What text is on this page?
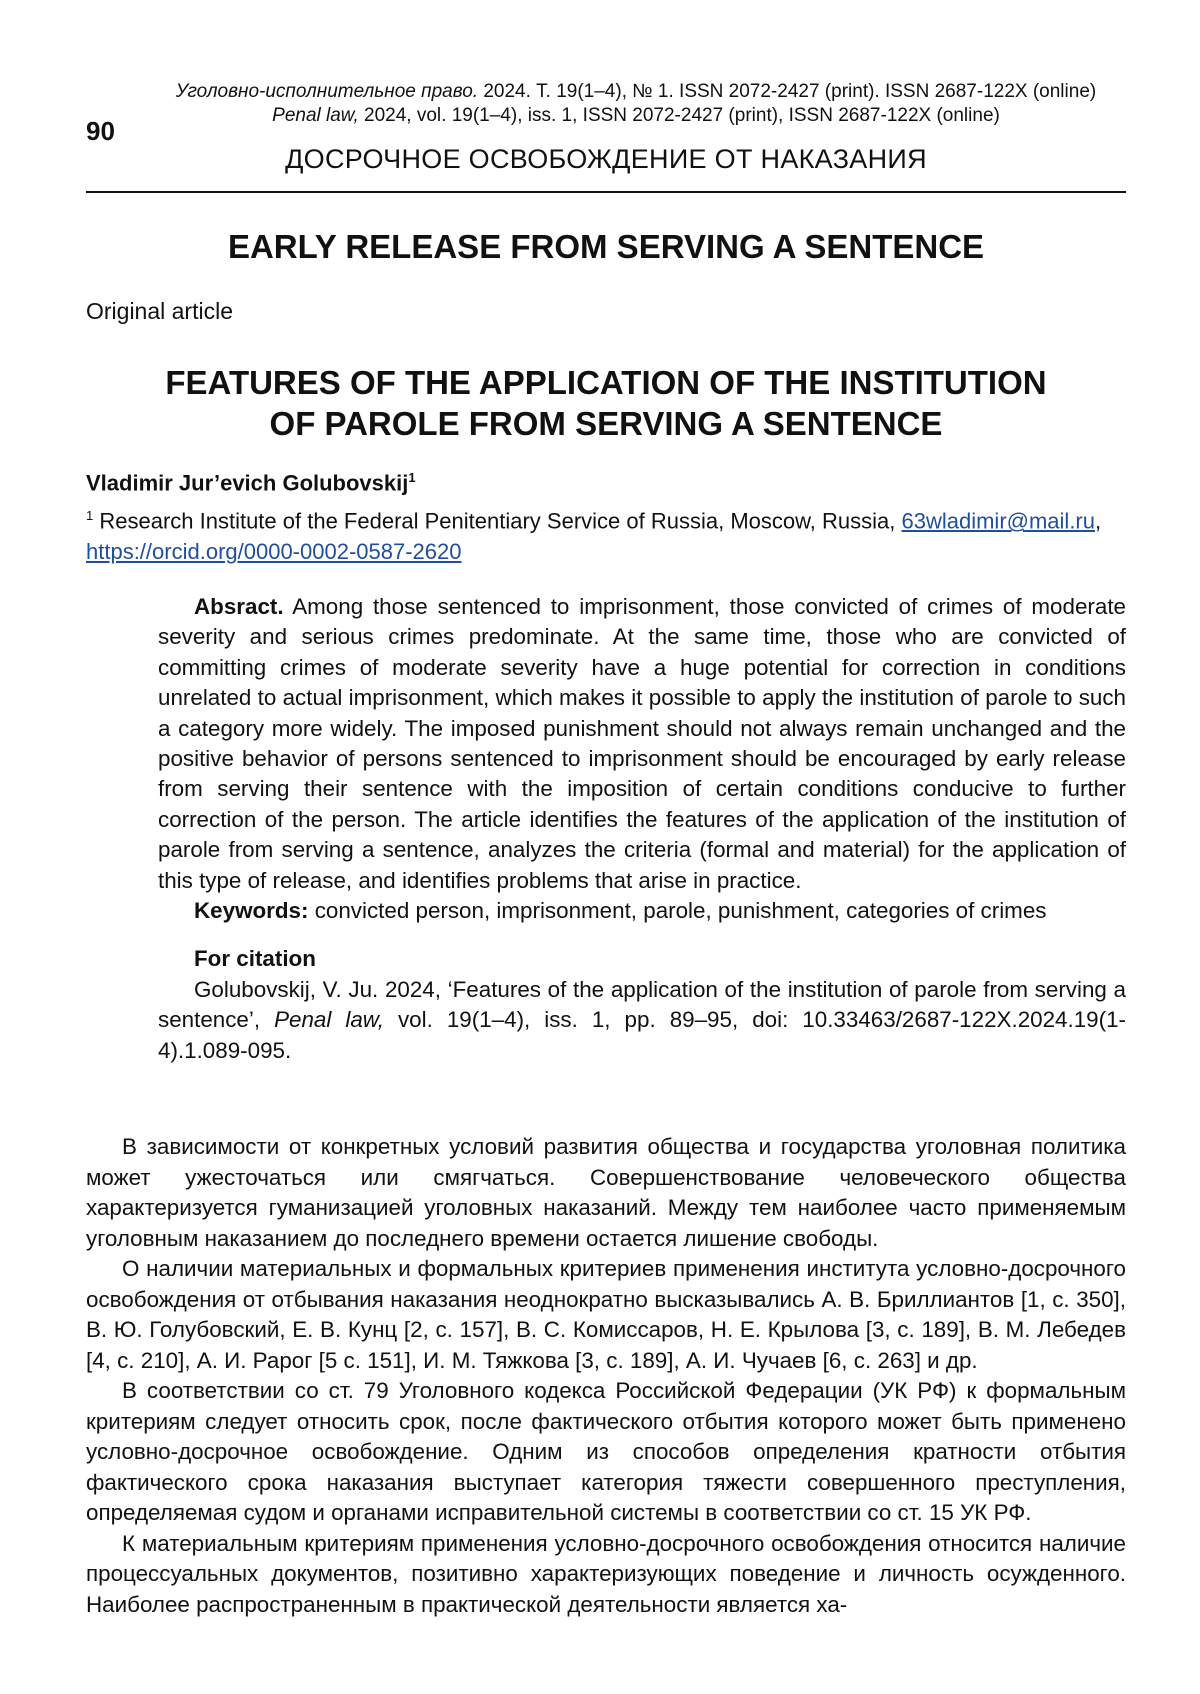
90
Уголовно-исполнительное право. 2024. Т. 19(1–4), № 1. ISSN 2072-2427 (print). ISSN 2687-122X (online)
Penal law, 2024, vol. 19(1–4), iss. 1, ISSN 2072-2427 (print), ISSN 2687-122X (online)
ДОСРОЧНОЕ ОСВОБОЖДЕНИЕ ОТ НАКАЗАНИЯ
EARLY RELEASE FROM SERVING A SENTENCE
Original article
FEATURES OF THE APPLICATION OF THE INSTITUTION
OF PAROLE FROM SERVING A SENTENCE
Vladimir Jur’evich Golubovskij$^1$
$^1$ Research Institute of the Federal Penitentiary Service of Russia, Moscow, Russia, 63wladimir@mail.ru, https://orcid.org/0000-0002-0587-2620

Absract. Among those sentenced to imprisonment, those convicted of crimes of moderate severity and serious crimes predominate. At the same time, those who are convicted of committing crimes of moderate severity have a huge potential for correction in conditions unrelated to actual imprisonment, which makes it possible to apply the institution of parole to such a category more widely. The imposed punishment should not always remain unchanged and the positive behavior of persons sentenced to imprisonment should be encouraged by early release from serving their sentence with the imposition of certain conditions conducive to further correction of the person. The article identifies the features of the application of the institution of parole from serving a sentence, analyzes the criteria (formal and material) for the application of this type of release, and identifies problems that arise in practice.

Keywords: convicted person, imprisonment, parole, punishment, categories of crimes

For citation

Golubovskij, V. Ju. 2024, ‘Features of the application of the institution of parole from serving a sentence’, Penal law, vol. 19(1–4), iss. 1, pp. 89–95, doi: 10.33463/2687-122X.2024.19(1-4).1.089-095.

В зависимости от конкретных условий развития общества и государства уголовная политика может ужесточаться или смягчаться. Совершенствование человеческого общества характеризуется гуманизацией уголовных наказаний. Между тем наиболее часто применяемым уголовным наказанием до последнего времени остается лишение свободы.

О наличии материальных и формальных критериев применения института условно-досрочного освобождения от отбывания наказания неоднократно высказывались А. В. Бриллиантов [1, с. 350], В. Ю. Голубовский, Е. В. Кунц [2, с. 157], В. С. Комиссаров, Н. Е. Крылова [3, с. 189], В. М. Лебедев [4, с. 210], А. И. Рарог [5 с. 151], И. М. Тяжкова [3, с. 189], А. И. Чучаев [6, с. 263] и др.

В соответствии со ст. 79 Уголовного кодекса Российской Федерации (УК РФ) к формальным критериям следует относить срок, после фактического отбытия которого может быть применено условно-досрочное освобождение. Одним из способов определения кратности отбытия фактического срока наказания выступает категория тяжести совершенного преступления, определяемая судом и органами исправительной системы в соответствии со ст. 15 УК РФ.

К материальным критериям применения условно-досрочного освобождения относится наличие процессуальных документов, позитивно характеризующих поведение и личность осужденного. Наиболее распространенным в практической деятельности является ха-
